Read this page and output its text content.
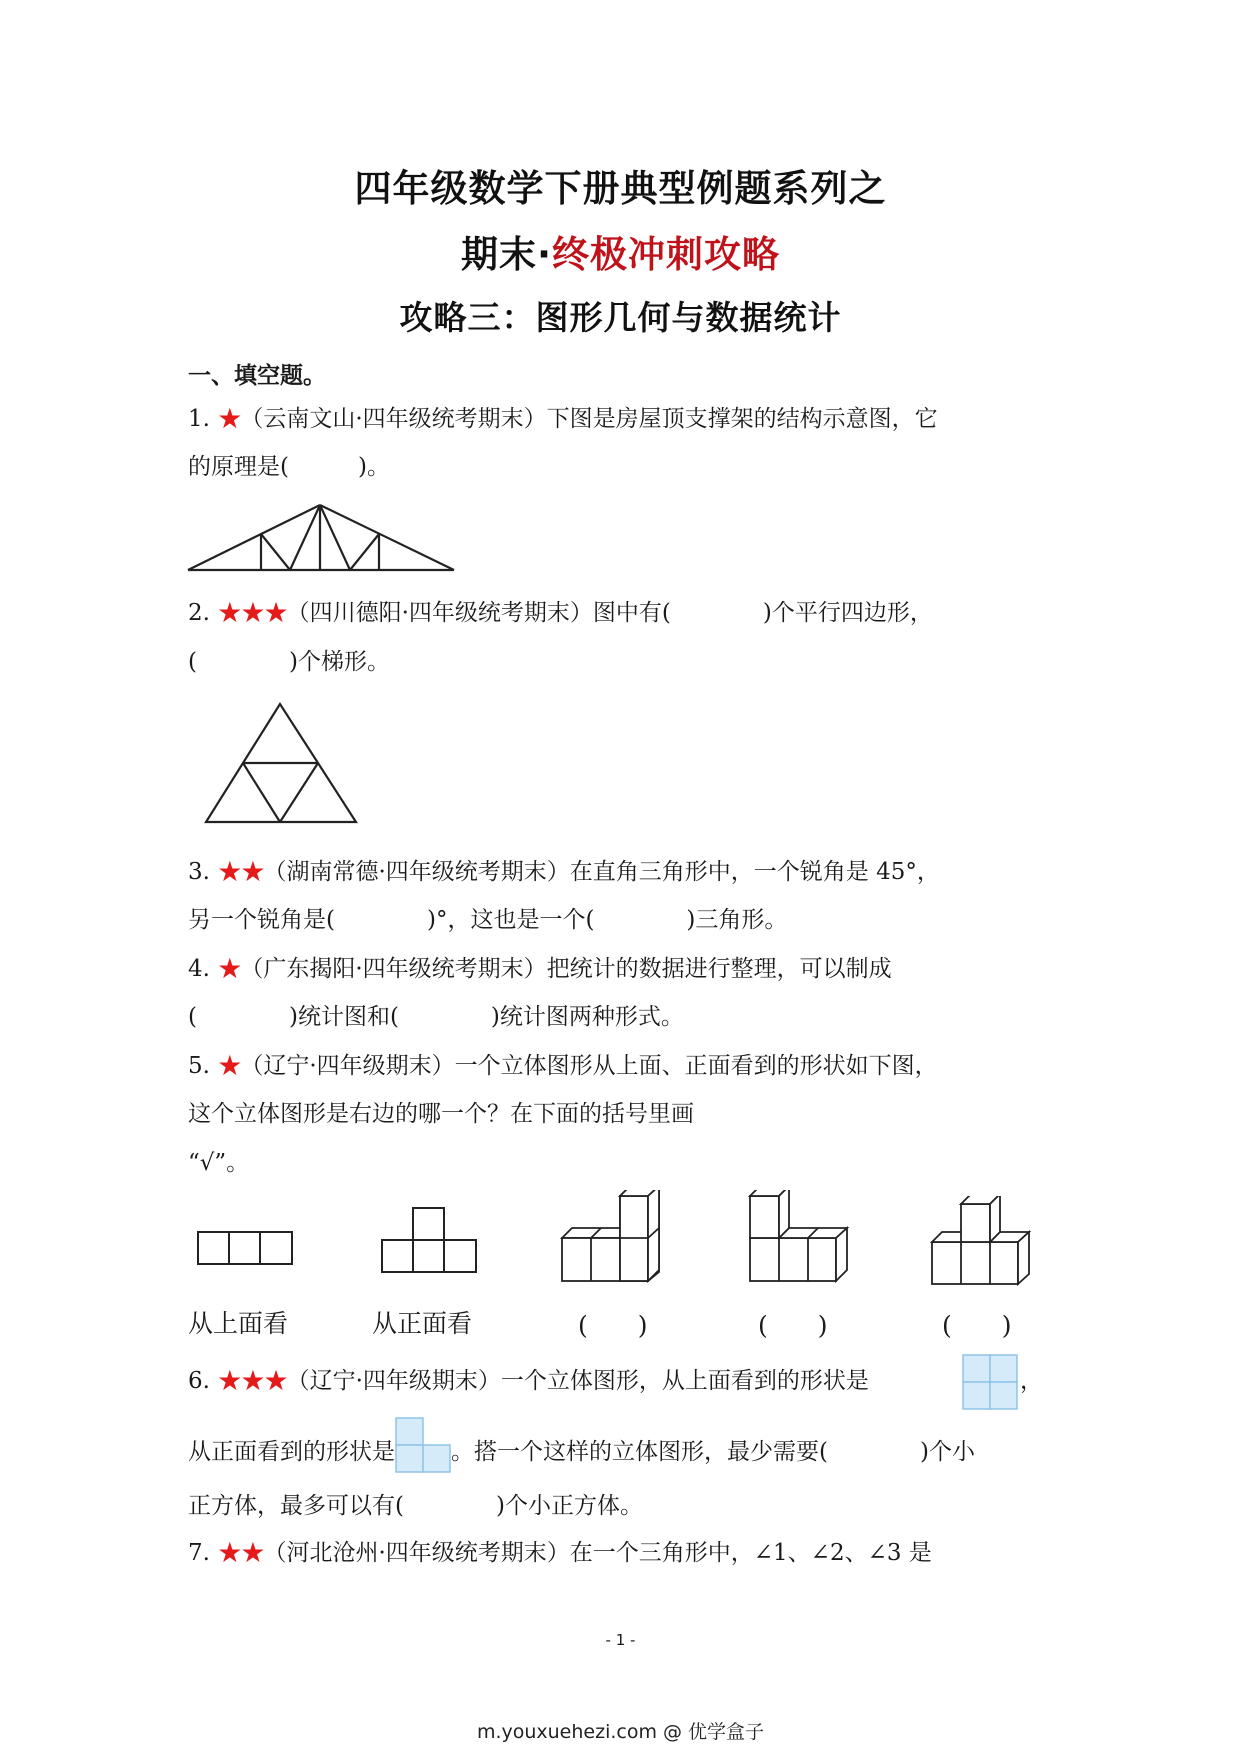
四年级数学下册典型例题系列之
期末·终极冲刺攻略
攻略三：图形几何与数据统计
一、填空题。
1. ★（云南文山·四年级统考期末）下图是房屋顶支撑架的结构示意图，它
的原理是(　　　)。
2. ★★★（四川德阳·四年级统考期末）图中有(　　　　)个平行四边形，
(　　　　)个梯形。
3. ★★（湖南常德·四年级统考期末）在直角三角形中，一个锐角是 45°，
另一个锐角是(　　　　)°，这也是一个(　　　　)三角形。
4. ★（广东揭阳·四年级统考期末）把统计的数据进行整理，可以制成
(　　　　)统计图和(　　　　)统计图两种形式。
5. ★（辽宁·四年级期末）一个立体图形从上面、正面看到的形状如下图，
这个立体图形是右边的哪一个？在下面的括号里画
“√”。
从上面看	从正面看	(　　)	(　　)	(　　)
6. ★★★（辽宁·四年级期末）一个立体图形，从上面看到的形状是	，
从正面看到的形状是 。搭一个这样的立体图形，最少需要(　　　　)个小
正方体，最多可以有(　　　　)个小正方体。
7. ★★（河北沧州·四年级统考期末）在一个三角形中，∠1、∠2、∠3 是
- 1 -
m.youxuehezi.com @ 优学盒子
